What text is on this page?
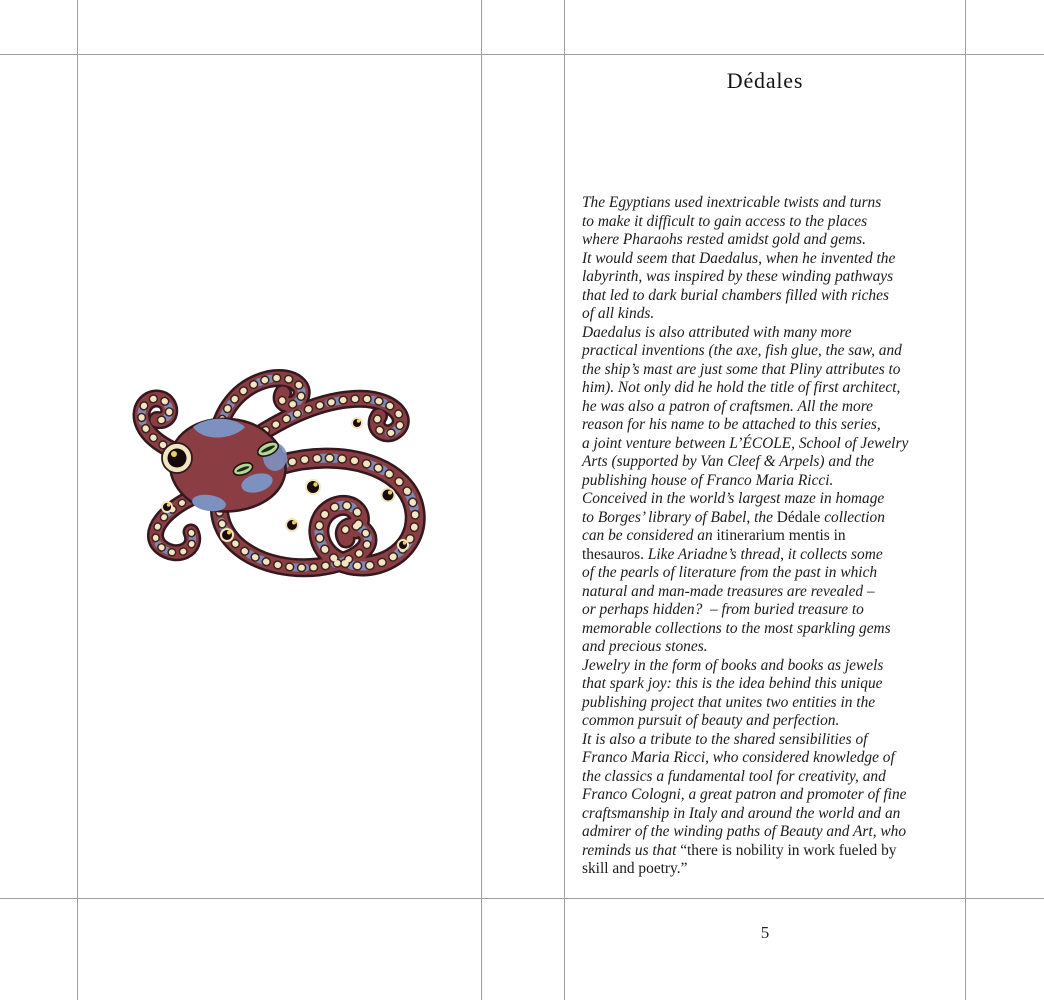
Dédales
The Egyptians used inextricable twists and turns
to make it difficult to gain access to the places
where Pharaohs rested amidst gold and gems.
It would seem that Daedalus, when he invented the
labyrinth, was inspired by these winding pathways
that led to dark burial chambers filled with riches
of all kinds.
Daedalus is also attributed with many more
practical inventions (the axe, fish glue, the saw, and
the ship’s mast are just some that Pliny attributes to
him). Not only did he hold the title of first architect,
he was also a patron of craftsmen. All the more
reason for his name to be attached to this series,
a joint venture between L’ÉCOLE, School of Jewelry
Arts (supported by Van Cleef & Arpels) and the
publishing house of Franco Maria Ricci.
Conceived in the world’s largest maze in homage
to Borges’ library of Babel, the Dédale collection
can be considered an itinerarium mentis in
thesauros. Like Ariadne’s thread, it collects some
of the pearls of literature from the past in which
natural and man-made treasures are revealed –
or perhaps hidden?  – from buried treasure to
memorable collections to the most sparkling gems
and precious stones.
Jewelry in the form of books and books as jewels
that spark joy: this is the idea behind this unique
publishing project that unites two entities in the
common pursuit of beauty and perfection.
It is also a tribute to the shared sensibilities of
Franco Maria Ricci, who considered knowledge of
the classics a fundamental tool for creativity, and
Franco Cologni, a great patron and promoter of fine
craftsmanship in Italy and around the world and an
admirer of the winding paths of Beauty and Art, who
reminds us that “there is nobility in work fueled by
skill and poetry.”
5
